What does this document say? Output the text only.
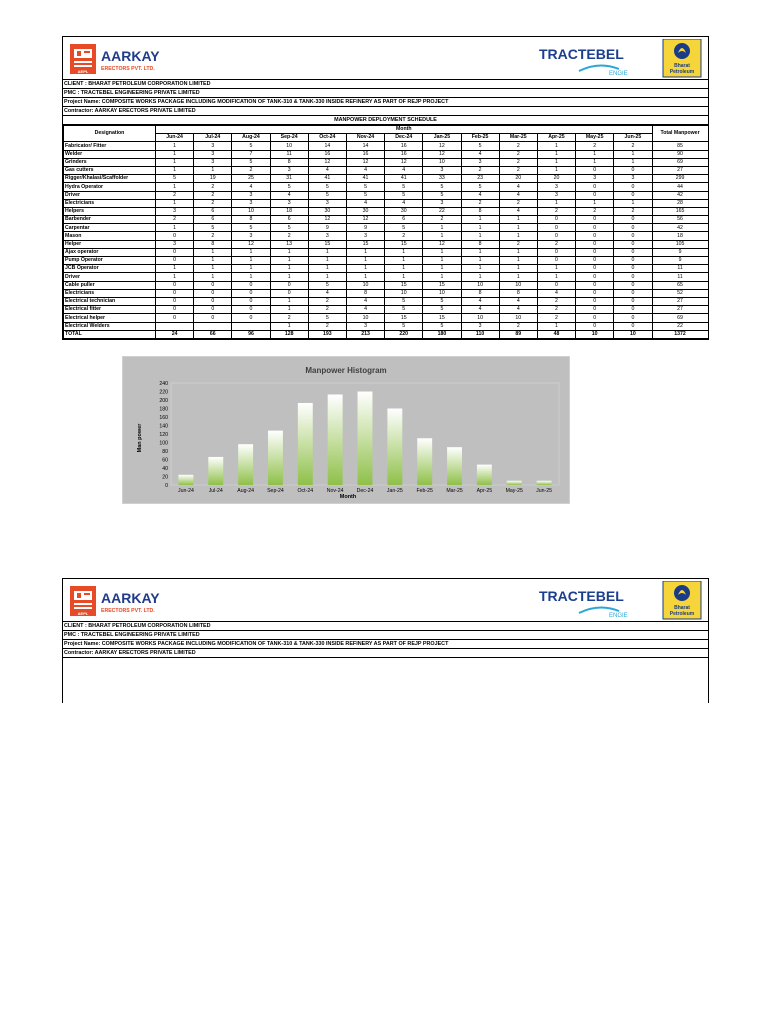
AEPL
AARKAY
ERECTORS PVT. LTD.
TRACTEBEL
ENGIE
Bharat
Petroleum
CLIENT : BHARAT PETROLEUM CORPORATION LIMITED
PMC : TRACTEBEL ENGINEERING PRIVATE LIMITED
Project Name: COMPOSITE WORKS PACKAGE INCLUDING MODIFICATION OF TANK-310 & TANK-330 INSIDE REFINERY AS PART OF REJP PROJECT
Contractor: AARKAY ERECTORS PRIVATE LIMITED
MANPOWER DEPLOYMENT SCHEDULE
Designation	Month													Total Manpower
	Jun-24	Jul-24	Aug-24	Sep-24	Oct-24	Nov-24	Dec-24	Jan-25	Feb-25	Mar-25	Apr-25	May-25	Jun-25	
Fabricator/ Fitter	1	3	5	10	14	14	16	12	5	2	1	2	2	85
Welder	1	3	7	11	16	16	16	12	4	2	1	1	1	90
Grinders	1	3	5	8	12	12	12	10	3	2	1	1	1	69
Gas cutters	1	1	2	3	4	4	4	3	2	2	1	0	0	27
Rigger/Khalasi/Scaffolder	5	19	25	31	41	41	41	33	23	20	20	3	3	299
Hydra Operator	1	2	4	5	5	5	5	5	5	4	3	0	0	44
Driver	2	2	3	4	5	5	5	5	4	4	3	0	0	42
Electricians	1	2	3	3	3	4	4	3	2	2	1	1	1	28
Helpers	3	6	10	18	30	30	30	22	8	4	2	2	2	165
Barbender	2	6	8	6	12	12	6	2	1	1	0	0	0	56
Carpentar	1	5	5	5	9	9	5	1	1	1	0	0	0	42
Mason	0	2	3	2	3	3	2	1	1	1	0	0	0	18
Helper	3	8	12	13	15	15	15	12	8	2	2	0	0	105
Ajax operator	0	1	1	1	1	1	1	1	1	1	0	0	0	9
Pump Operator	0	1	1	1	1	1	1	1	1	1	0	0	0	9
JCB Operator	1	1	1	1	1	1	1	1	1	1	1	0	0	11
Driver	1	1	1	1	1	1	1	1	1	1	1	0	0	11
Cable puller	0	0	0	0	5	10	15	15	10	10	0	0	0	65
Electricians	0	0	0	0	4	8	10	10	8	8	4	0	0	52
Electrical technician	0	0	0	1	2	4	5	5	4	4	2	0	0	27
Electrical fitter	0	0	0	1	2	4	5	5	4	4	2	0	0	27
Electrical helper	0	0	0	2	5	10	15	15	10	10	2	0	0	69
Electrical Welders				1	2	3	5	5	3	2	1	0	0	22
TOTAL	24	66	96	128	193	213	220	180	110	89	48	10	10	1372
Manpower Histogram
Month
Man power
0
20
40
60
80
100
120
140
160
180
200
220
240
Jun-24	Jul-24	Aug-24	Sep-24	Oct-24	Nov-24	Dec-24	Jan-25	Feb-25	Mar-25	Apr-25	May-25	Jun-25
AEPL
AARKAY
ERECTORS PVT. LTD.
TRACTEBEL
ENGIE
Bharat
Petroleum
CLIENT : BHARAT PETROLEUM CORPORATION LIMITED
PMC : TRACTEBEL ENGINEERING PRIVATE LIMITED
Project Name: COMPOSITE WORKS PACKAGE INCLUDING MODIFICATION OF TANK-310 & TANK-330 INSIDE REFINERY AS PART OF REJP PROJECT
Contractor: AARKAY ERECTORS PRIVATE LIMITED
